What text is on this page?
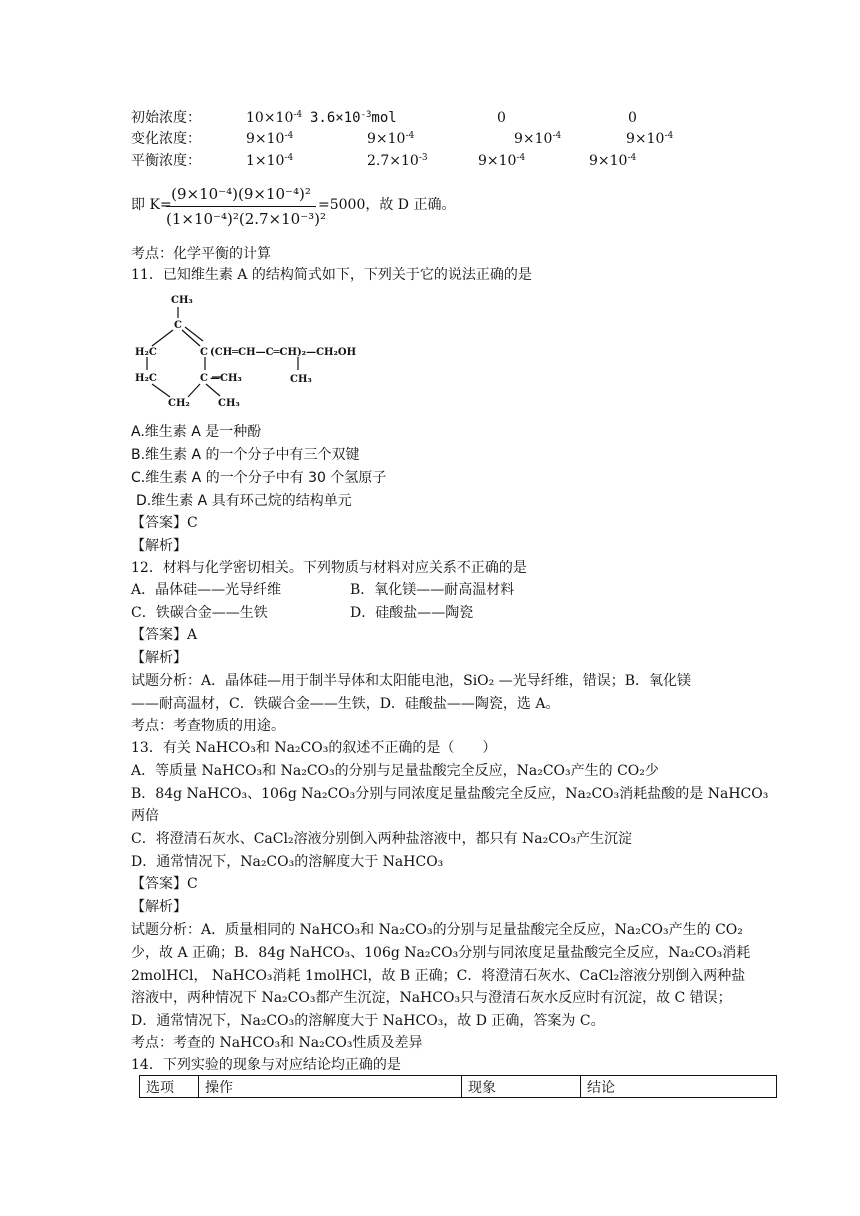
初始浓度：	$10\times 10^{-4}$ $3.6\times 10^{-3}mol$	0	0
变化浓度：	$9\times 10^{-4}$	$9\times 10^{-4}$	$9\times 10^{-4}$	$9\times 10^{-4}$
平衡浓度：	$1\times 10^{-4}$	$2.7\times 10^{-3}$	$9\times 10^{-4}$	$9\times 10^{-4}$
即 K=
(9×10⁻⁴)(9×10⁻⁴)²
(1×10⁻⁴)²(2.7×10⁻³)²
=5000，故 D 正确。
考点：化学平衡的计算
11．已知维生素 A 的结构简式如下，下列关于它的说法正确的是
CH₃
C
H₂C	C (CH═CH—C═CH)₂—CH₂OH
CH₃
H₂C	C —CH₃
CH₂	CH₃
A.维生素 A 是一种酚
B.维生素 A 的一个分子中有三个双键
C.维生素 A 的一个分子中有 30 个氢原子
D.维生素 A 具有环己烷的结构单元
【答案】C
【解析】
12．材料与化学密切相关。下列物质与材料对应关系不正确的是
A．晶体硅——光导纤维	B．氧化镁——耐高温材料
C．铁碳合金——生铁	D．硅酸盐——陶瓷
【答案】A
【解析】
试题分析：A．晶体硅—用于制半导体和太阳能电池，SiO₂ —光导纤维，错误；B．氧化镁
——耐高温材，C．铁碳合金——生铁，D．硅酸盐——陶瓷，选 A。
考点：考查物质的用途。
13．有关 NaHCO₃和 Na₂CO₃的叙述不正确的是（　　）
A．等质量 NaHCO₃和 Na₂CO₃的分别与足量盐酸完全反应，Na₂CO₃产生的 CO₂少
B．84g NaHCO₃、106g Na₂CO₃分别与同浓度足量盐酸完全反应，Na₂CO₃消耗盐酸的是 NaHCO₃
两倍
C．将澄清石灰水、CaCl₂溶液分别倒入两种盐溶液中，都只有 Na₂CO₃产生沉淀
D．通常情况下，Na₂CO₃的溶解度大于 NaHCO₃
【答案】C
【解析】
试题分析：A．质量相同的 NaHCO₃和 Na₂CO₃的分别与足量盐酸完全反应，Na₂CO₃产生的 CO₂
少，故 A 正确；B．84g NaHCO₃、106g Na₂CO₃分别与同浓度足量盐酸完全反应，Na₂CO₃消耗
2molHCl， NaHCO₃消耗 1molHCl，故 B 正确；C．将澄清石灰水、CaCl₂溶液分别倒入两种盐
溶液中，两种情况下 Na₂CO₃都产生沉淀，NaHCO₃只与澄清石灰水反应时有沉淀，故 C 错误；
D．通常情况下，Na₂CO₃的溶解度大于 NaHCO₃，故 D 正确，答案为 C。
考点：考查的 NaHCO₃和 Na₂CO₃性质及差异
14．下列实验的现象与对应结论均正确的是
选项	操作	现象	结论
